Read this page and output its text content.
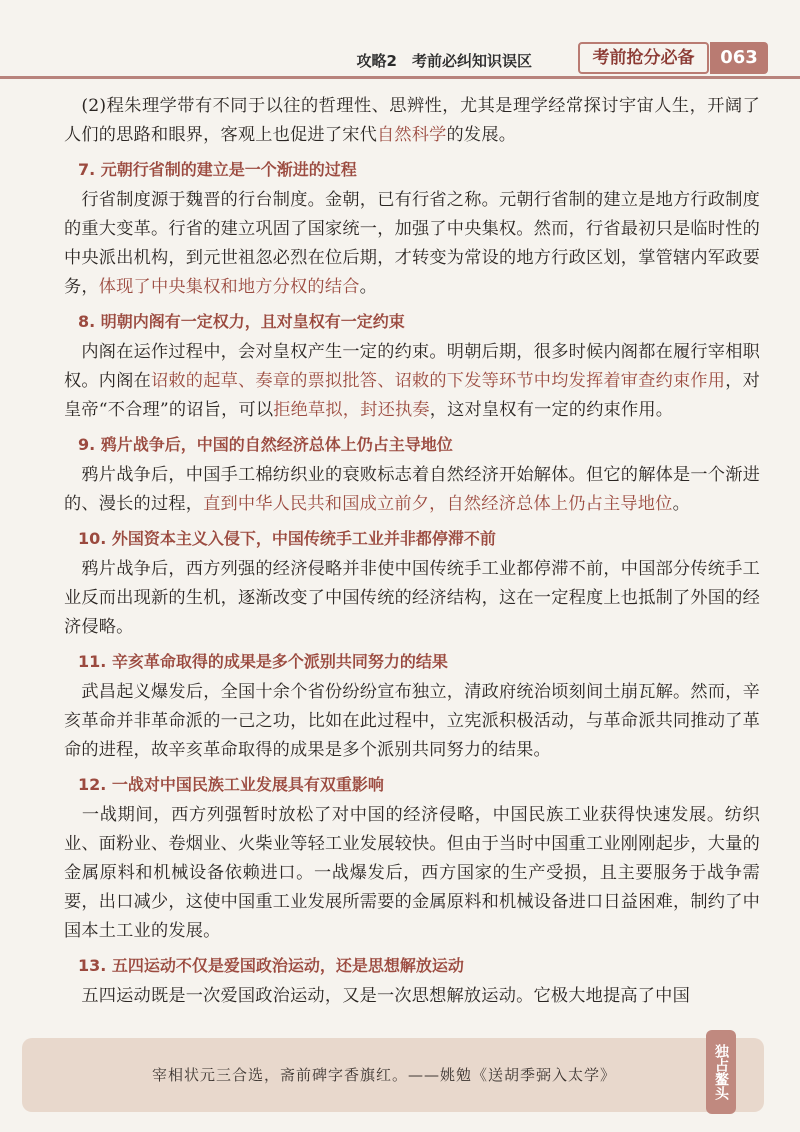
攻略2　考前必纠知识误区	考前抢分必备	063

 (2)程朱理学带有不同于以往的哲理性、思辨性，尤其是理学经常探讨宇宙人生，开阔了人们的思路和眼界，客观上也促进了宋代自然科学的发展。

7. 元朝行省制的建立是一个渐进的过程

 行省制度源于魏晋的行台制度。金朝，已有行省之称。元朝行省制的建立是地方行政制度的重大变革。行省的建立巩固了国家统一，加强了中央集权。然而，行省最初只是临时性的中央派出机构，到元世祖忽必烈在位后期，才转变为常设的地方行政区划，掌管辖内军政要务，体现了中央集权和地方分权的结合。

8. 明朝内阁有一定权力，且对皇权有一定约束

 内阁在运作过程中，会对皇权产生一定的约束。明朝后期，很多时候内阁都在履行宰相职权。内阁在诏敕的起草、奏章的票拟批答、诏敕的下发等环节中均发挥着审查约束作用，对皇帝“不合理”的诏旨，可以拒绝草拟，封还执奏，这对皇权有一定的约束作用。

9. 鸦片战争后，中国的自然经济总体上仍占主导地位

 鸦片战争后，中国手工棉纺织业的衰败标志着自然经济开始解体。但它的解体是一个渐进的、漫长的过程，直到中华人民共和国成立前夕，自然经济总体上仍占主导地位。

10. 外国资本主义入侵下，中国传统手工业并非都停滞不前

 鸦片战争后，西方列强的经济侵略并非使中国传统手工业都停滞不前，中国部分传统手工业反而出现新的生机，逐渐改变了中国传统的经济结构，这在一定程度上也抵制了外国的经济侵略。

11. 辛亥革命取得的成果是多个派别共同努力的结果

 武昌起义爆发后，全国十余个省份纷纷宣布独立，清政府统治顷刻间土崩瓦解。然而，辛亥革命并非革命派的一己之功，比如在此过程中，立宪派积极活动，与革命派共同推动了革命的进程，故辛亥革命取得的成果是多个派别共同努力的结果。

12. 一战对中国民族工业发展具有双重影响

 一战期间，西方列强暂时放松了对中国的经济侵略，中国民族工业获得快速发展。纺织业、面粉业、卷烟业、火柴业等轻工业发展较快。但由于当时中国重工业刚刚起步，大量的金属原料和机械设备依赖进口。一战爆发后，西方国家的生产受损，且主要服务于战争需要，出口减少，这使中国重工业发展所需要的金属原料和机械设备进口日益困难，制约了中国本土工业的发展。

13. 五四运动不仅是爱国政治运动，还是思想解放运动

 五四运动既是一次爱国政治运动，又是一次思想解放运动。它极大地提高了中国

宰相状元三合选，斋前碑字香旗红。——姚勉《送胡季弼入太学》	独占鳌头
